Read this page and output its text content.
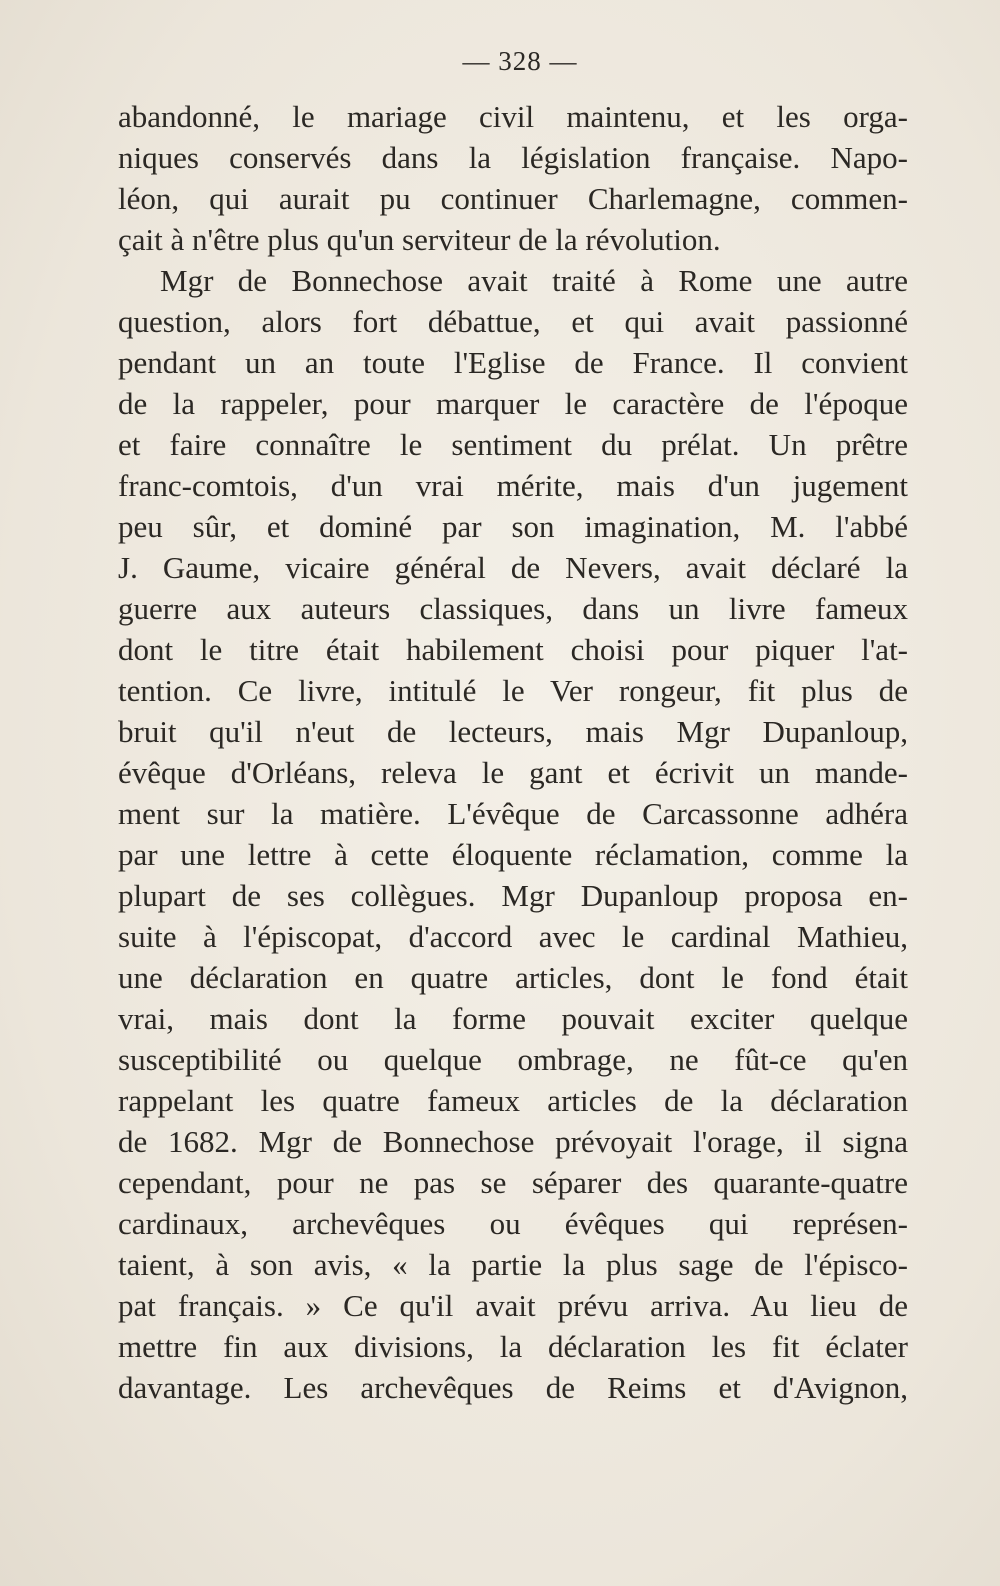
— 328 —
abandonné, le mariage civil maintenu, et les orga-
niques conservés dans la législation française. Napo-
léon, qui aurait pu continuer Charlemagne, commen-
çait à n'être plus qu'un serviteur de la révolution.
Mgr de Bonnechose avait traité à Rome une autre
question, alors fort débattue, et qui avait passionné
pendant un an toute l'Eglise de France. Il convient
de la rappeler, pour marquer le caractère de l'époque
et faire connaître le sentiment du prélat. Un prêtre
franc-comtois, d'un vrai mérite, mais d'un jugement
peu sûr, et dominé par son imagination, M. l'abbé
J. Gaume, vicaire général de Nevers, avait déclaré la
guerre aux auteurs classiques, dans un livre fameux
dont le titre était habilement choisi pour piquer l'at-
tention. Ce livre, intitulé le Ver rongeur, fit plus de
bruit qu'il n'eut de lecteurs, mais Mgr Dupanloup,
évêque d'Orléans, releva le gant et écrivit un mande-
ment sur la matière. L'évêque de Carcassonne adhéra
par une lettre à cette éloquente réclamation, comme la
plupart de ses collègues. Mgr Dupanloup proposa en-
suite à l'épiscopat, d'accord avec le cardinal Mathieu,
une déclaration en quatre articles, dont le fond était
vrai, mais dont la forme pouvait exciter quelque
susceptibilité ou quelque ombrage, ne fût-ce qu'en
rappelant les quatre fameux articles de la déclaration
de 1682. Mgr de Bonnechose prévoyait l'orage, il signa
cependant, pour ne pas se séparer des quarante-quatre
cardinaux, archevêques ou évêques qui représen-
taient, à son avis, « la partie la plus sage de l'épisco-
pat français. » Ce qu'il avait prévu arriva. Au lieu de
mettre fin aux divisions, la déclaration les fit éclater
davantage. Les archevêques de Reims et d'Avignon,
